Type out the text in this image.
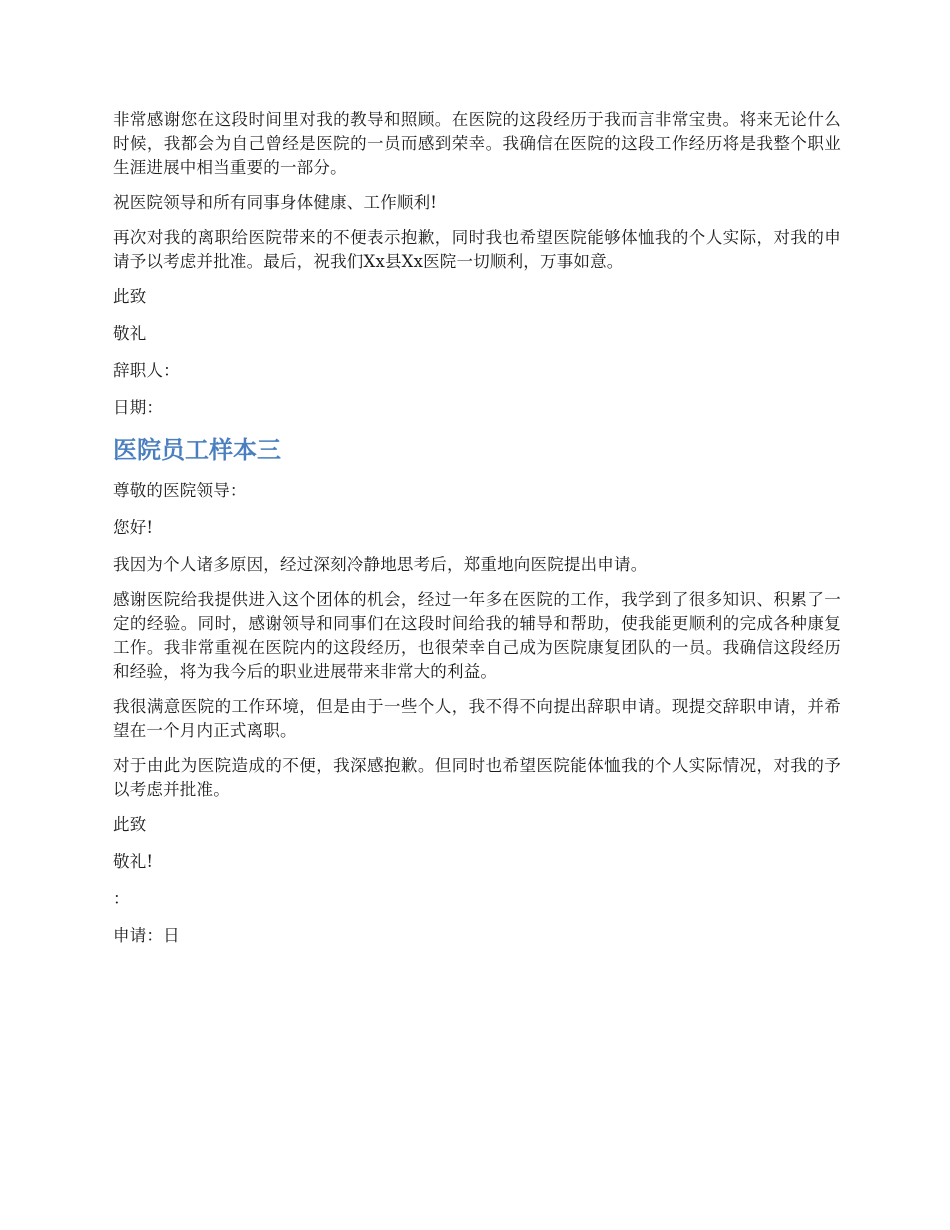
非常感谢您在这段时间里对我的教导和照顾。在医院的这段经历于我而言非常宝贵。将来无论什么时候，我都会为自己曾经是医院的一员而感到荣幸。我确信在医院的这段工作经历将是我整个职业生涯进展中相当重要的一部分。

祝医院领导和所有同事身体健康、工作顺利!

再次对我的离职给医院带来的不便表示抱歉，同时我也希望医院能够体恤我的个人实际，对我的申请予以考虑并批准。最后，祝我们Xx县Xx医院一切顺利，万事如意。

此致

敬礼

辞职人：

日期：

医院员工样本三

尊敬的医院领导：

您好!

我因为个人诸多原因，经过深刻冷静地思考后，郑重地向医院提出申请。

感谢医院给我提供进入这个团体的机会，经过一年多在医院的工作，我学到了很多知识、积累了一定的经验。同时，感谢领导和同事们在这段时间给我的辅导和帮助，使我能更顺利的完成各种康复工作。我非常重视在医院内的这段经历，也很荣幸自己成为医院康复团队的一员。我确信这段经历和经验，将为我今后的职业进展带来非常大的利益。

我很满意医院的工作环境，但是由于一些个人，我不得不向提出辞职申请。现提交辞职申请，并希望在一个月内正式离职。

对于由此为医院造成的不便，我深感抱歉。但同时也希望医院能体恤我的个人实际情况，对我的予以考虑并批准。

此致

敬礼!

：

申请：日
